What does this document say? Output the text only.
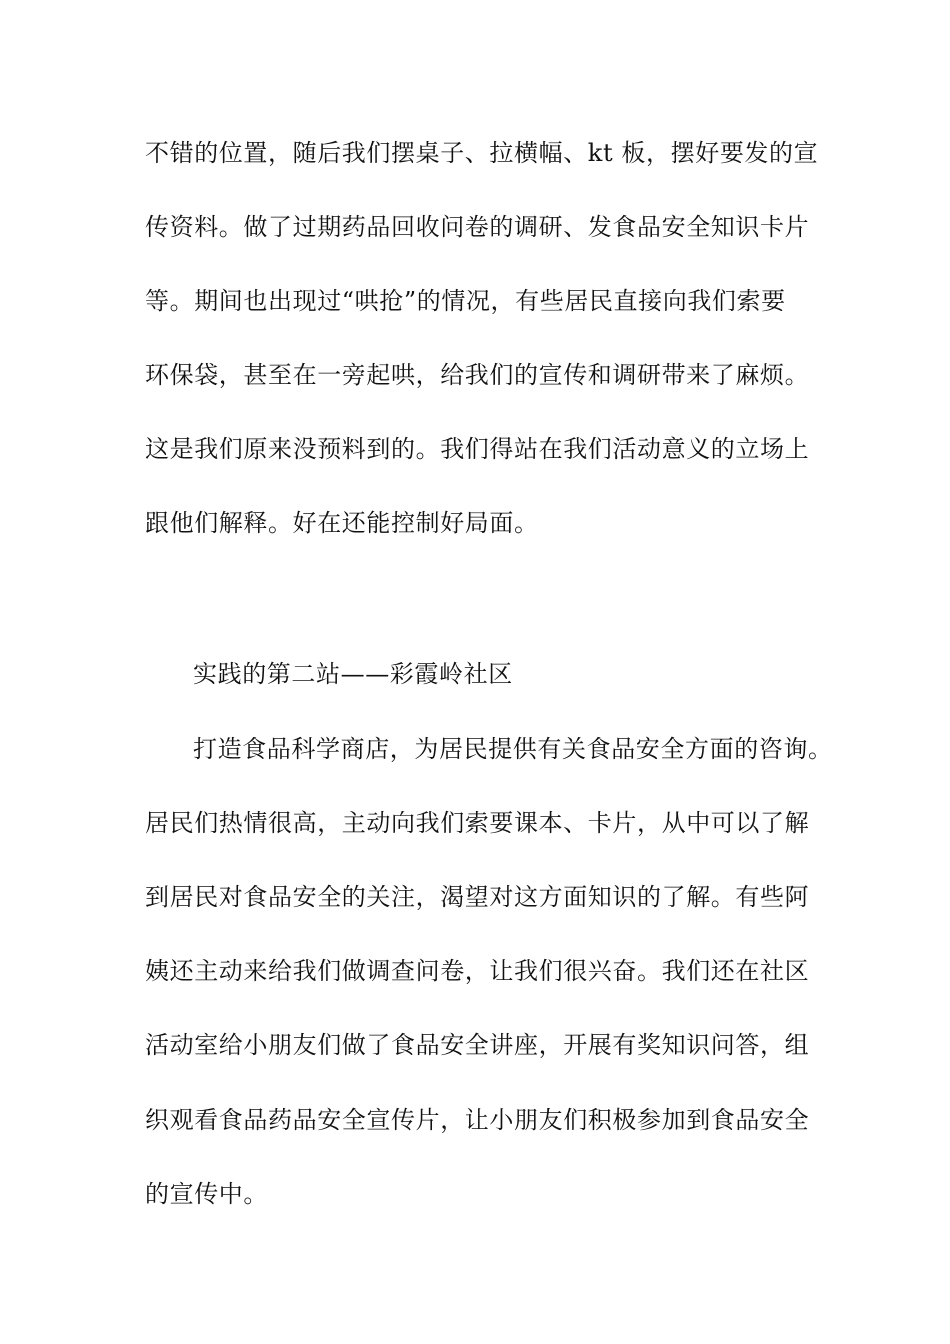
不错的位置，随后我们摆桌子、拉横幅、kt 板，摆好要发的宣
传资料。做了过期药品回收问卷的调研、发食品安全知识卡片
等。期间也出现过“哄抢”的情况，有些居民直接向我们索要
环保袋，甚至在一旁起哄，给我们的宣传和调研带来了麻烦。
这是我们原来没预料到的。我们得站在我们活动意义的立场上
跟他们解释。好在还能控制好局面。
实践的第二站——彩霞岭社区
打造食品科学商店，为居民提供有关食品安全方面的咨询。
居民们热情很高，主动向我们索要课本、卡片，从中可以了解
到居民对食品安全的关注，渴望对这方面知识的了解。有些阿
姨还主动来给我们做调查问卷，让我们很兴奋。我们还在社区
活动室给小朋友们做了食品安全讲座，开展有奖知识问答，组
织观看食品药品安全宣传片，让小朋友们积极参加到食品安全
的宣传中。
